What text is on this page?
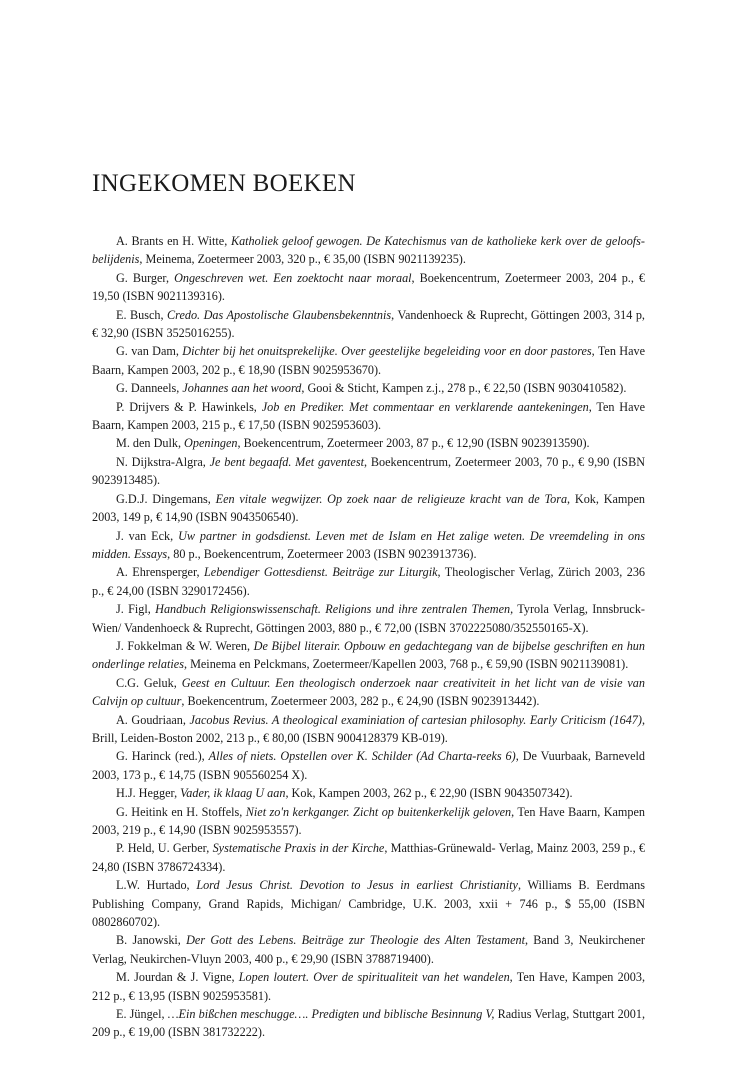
INGEKOMEN BOEKEN

A. Brants en H. Witte, Katholiek geloof gewogen. De Katechismus van de katholieke kerk over de geloofs-belijdenis, Meinema, Zoetermeer 2003, 320 p., € 35,00 (ISBN 9021139235).

G. Burger, Ongeschreven wet. Een zoektocht naar moraal, Boekencentrum, Zoetermeer 2003, 204 p., € 19,50 (ISBN 9021139316).

E. Busch, Credo. Das Apostolische Glaubensbekenntnis, Vandenhoeck & Ruprecht, Göttingen 2003, 314 p, € 32,90 (ISBN 3525016255).

G. van Dam, Dichter bij het onuitsprekelijke. Over geestelijke begeleiding voor en door pastores, Ten Have Baarn, Kampen 2003, 202 p., € 18,90 (ISBN 9025953670).

G. Danneels, Johannes aan het woord, Gooi & Sticht, Kampen z.j., 278 p., € 22,50 (ISBN 9030410582).

P. Drijvers & P. Hawinkels, Job en Prediker. Met commentaar en verklarende aantekeningen, Ten Have Baarn, Kampen 2003, 215 p., € 17,50 (ISBN 9025953603).

M. den Dulk, Openingen, Boekencentrum, Zoetermeer 2003, 87 p., € 12,90 (ISBN 9023913590).

N. Dijkstra-Algra, Je bent begaafd. Met gaventest, Boekencentrum, Zoetermeer 2003, 70 p., € 9,90 (ISBN 9023913485).

G.D.J. Dingemans, Een vitale wegwijzer. Op zoek naar de religieuze kracht van de Tora, Kok, Kampen 2003, 149 p, € 14,90 (ISBN 9043506540).

J. van Eck, Uw partner in godsdienst. Leven met de Islam en Het zalige weten. De vreemdeling in ons midden. Essays, 80 p., Boekencentrum, Zoetermeer 2003 (ISBN 9023913736).

A. Ehrensperger, Lebendiger Gottesdienst. Beiträge zur Liturgik, Theologischer Verlag, Zürich 2003, 236 p., € 24,00 (ISBN 3290172456).

J. Figl, Handbuch Religionswissenschaft. Religions und ihre zentralen Themen, Tyrola Verlag, Innsbruck-Wien/ Vandenhoeck & Ruprecht, Göttingen 2003, 880 p., € 72,00 (ISBN 3702225080/352550165-X).

J. Fokkelman & W. Weren, De Bijbel literair. Opbouw en gedachtegang van de bijbelse geschriften en hun onderlinge relaties, Meinema en Pelckmans, Zoetermeer/Kapellen 2003, 768 p., € 59,90 (ISBN 9021139081).

C.G. Geluk, Geest en Cultuur. Een theologisch onderzoek naar creativiteit in het licht van de visie van Calvijn op cultuur, Boekencentrum, Zoetermeer 2003, 282 p., € 24,90 (ISBN 9023913442).

A. Goudriaan, Jacobus Revius. A theological examiniation of cartesian philosophy. Early Criticism (1647), Brill, Leiden-Boston 2002, 213 p., € 80,00 (ISBN 9004128379 KB-019).

G. Harinck (red.), Alles of niets. Opstellen over K. Schilder (Ad Charta-reeks 6), De Vuurbaak, Barneveld 2003, 173 p., € 14,75 (ISBN 905560254 X).

H.J. Hegger, Vader, ik klaag U aan, Kok, Kampen 2003, 262 p., € 22,90 (ISBN 9043507342).

G. Heitink en H. Stoffels, Niet zo'n kerkganger. Zicht op buitenkerkelijk geloven, Ten Have Baarn, Kampen 2003, 219 p., € 14,90 (ISBN 9025953557).

P. Held, U. Gerber, Systematische Praxis in der Kirche, Matthias-Grünewald- Verlag, Mainz 2003, 259 p., € 24,80 (ISBN 3786724334).

L.W. Hurtado, Lord Jesus Christ. Devotion to Jesus in earliest Christianity, Williams B. Eerdmans Publishing Company, Grand Rapids, Michigan/ Cambridge, U.K. 2003, xxii + 746 p., $ 55,00 (ISBN 0802860702).

B. Janowski, Der Gott des Lebens. Beiträge zur Theologie des Alten Testament, Band 3, Neukirchener Verlag, Neukirchen-Vluyn 2003, 400 p., € 29,90 (ISBN 3788719400).

M. Jourdan & J. Vigne, Lopen loutert. Over de spiritualiteit van het wandelen, Ten Have, Kampen 2003, 212 p., € 13,95 (ISBN 9025953581).

E. Jüngel, …Ein bißchen meschugge…. Predigten und biblische Besinnung V, Radius Verlag, Stuttgart 2001, 209 p., € 19,00 (ISBN 381732222).
